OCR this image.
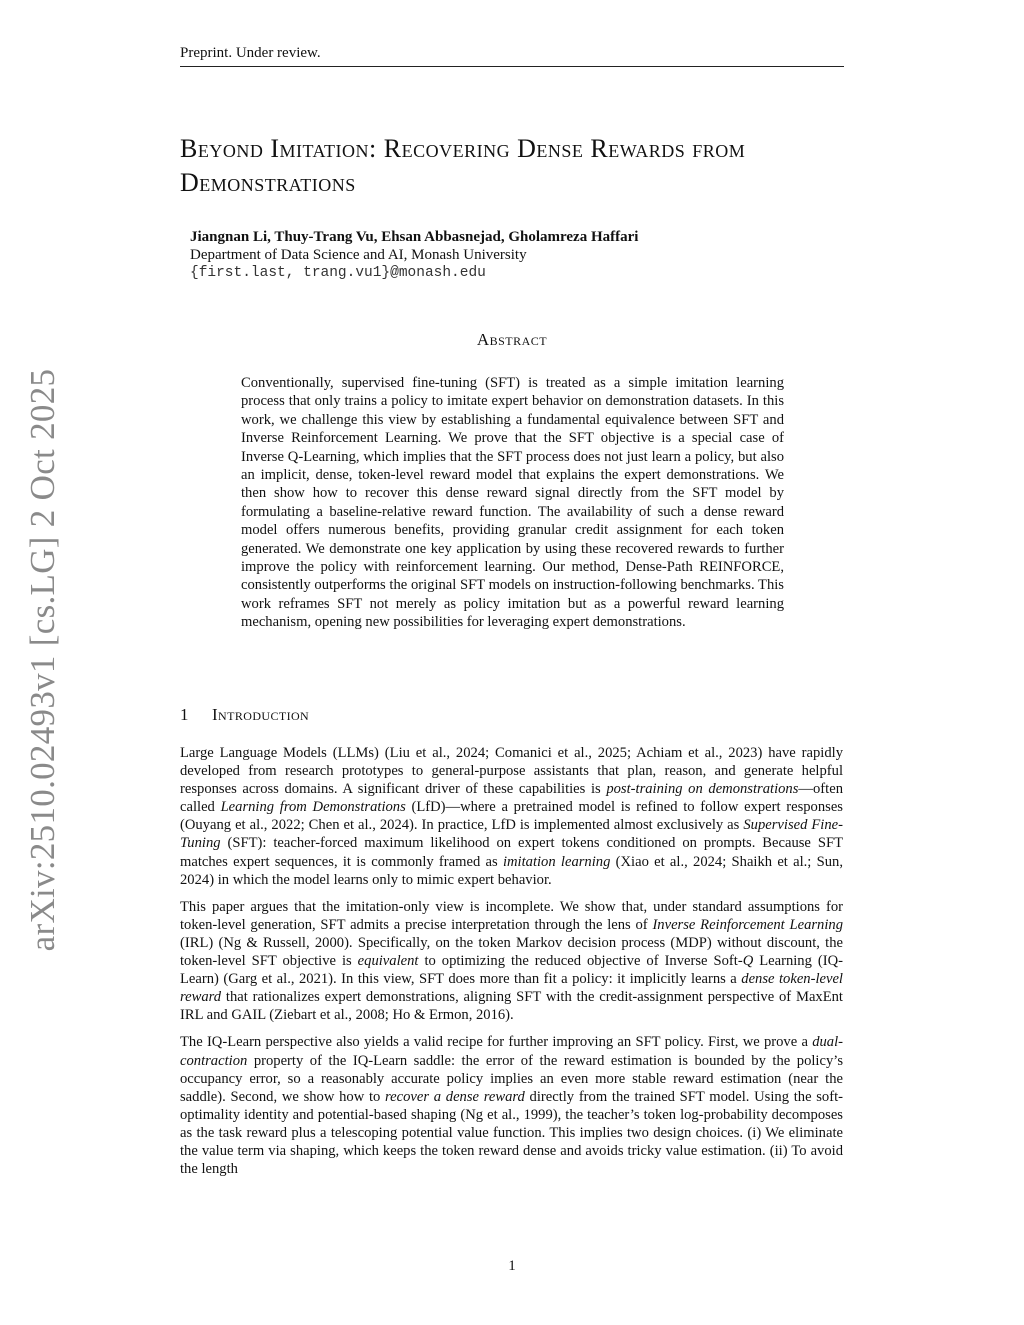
Preprint. Under review.
Beyond Imitation: Recovering Dense Rewards from Demonstrations
Jiangnan Li, Thuy-Trang Vu, Ehsan Abbasnejad, Gholamreza Haffari
Department of Data Science and AI, Monash University
{first.last, trang.vu1}@monash.edu
Abstract
Conventionally, supervised fine-tuning (SFT) is treated as a simple imitation learning process that only trains a policy to imitate expert behavior on demonstration datasets. In this work, we challenge this view by establishing a fundamental equivalence between SFT and Inverse Reinforcement Learning. We prove that the SFT objective is a special case of Inverse Q-Learning, which implies that the SFT process does not just learn a policy, but also an implicit, dense, token-level reward model that explains the expert demonstrations. We then show how to recover this dense reward signal directly from the SFT model by formulating a baseline-relative reward function. The availability of such a dense reward model offers numerous benefits, providing granular credit assignment for each token generated. We demonstrate one key application by using these recovered rewards to further improve the policy with reinforcement learning. Our method, Dense-Path REINFORCE, consistently outperforms the original SFT models on instruction-following benchmarks. This work reframes SFT not merely as policy imitation but as a powerful reward learning mechanism, opening new possibilities for leveraging expert demonstrations.
1 Introduction

Large Language Models (LLMs) (Liu et al., 2024; Comanici et al., 2025; Achiam et al., 2023) have rapidly developed from research prototypes to general-purpose assistants that plan, reason, and generate helpful responses across domains. A significant driver of these capabilities is post-training on demonstrations—often called Learning from Demonstrations (LfD)—where a pretrained model is refined to follow expert responses (Ouyang et al., 2022; Chen et al., 2024). In practice, LfD is implemented almost exclusively as Supervised Fine-Tuning (SFT): teacher-forced maximum likelihood on expert tokens conditioned on prompts. Because SFT matches expert sequences, it is commonly framed as imitation learning (Xiao et al., 2024; Shaikh et al.; Sun, 2024) in which the model learns only to mimic expert behavior.

This paper argues that the imitation-only view is incomplete. We show that, under standard assumptions for token-level generation, SFT admits a precise interpretation through the lens of Inverse Reinforcement Learning (IRL) (Ng & Russell, 2000). Specifically, on the token Markov decision process (MDP) without discount, the token-level SFT objective is equivalent to optimizing the reduced objective of Inverse Soft-Q Learning (IQ-Learn) (Garg et al., 2021). In this view, SFT does more than fit a policy: it implicitly learns a dense token-level reward that rationalizes expert demonstrations, aligning SFT with the credit-assignment perspective of MaxEnt IRL and GAIL (Ziebart et al., 2008; Ho & Ermon, 2016).

The IQ-Learn perspective also yields a valid recipe for further improving an SFT policy. First, we prove a dual-contraction property of the IQ-Learn saddle: the error of the reward estimation is bounded by the policy’s occupancy error, so a reasonably accurate policy implies an even more stable reward estimation (near the saddle). Second, we show how to recover a dense reward directly from the trained SFT model. Using the soft-optimality identity and potential-based shaping (Ng et al., 1999), the teacher’s token log-probability decomposes as the task reward plus a telescoping potential value function. This implies two design choices. (i) We eliminate the value term via shaping, which keeps the token reward dense and avoids tricky value estimation. (ii) To avoid the length

arXiv:2510.02493v1 [cs.LG] 2 Oct 2025
1
